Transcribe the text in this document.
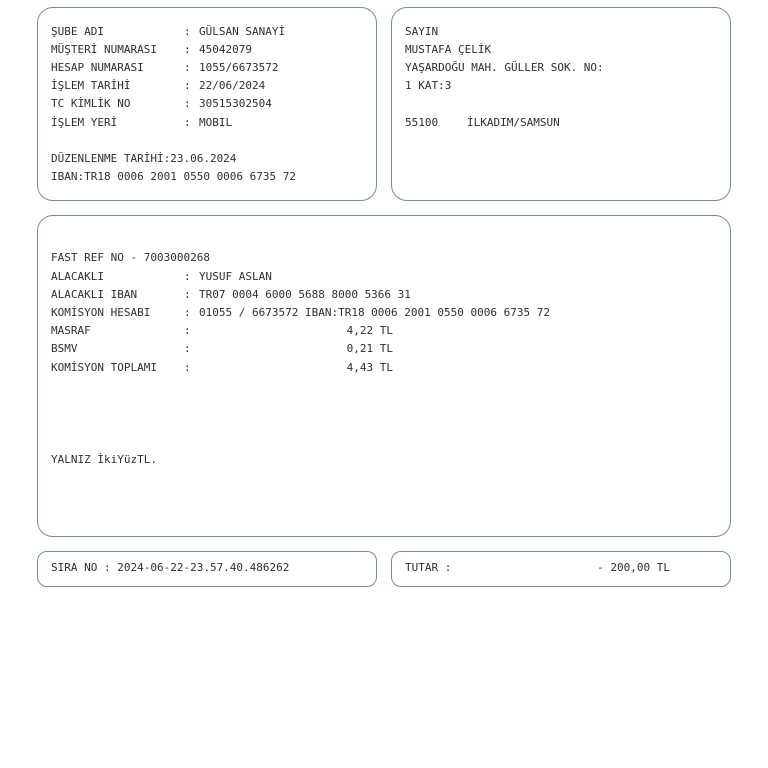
ŞUBE ADI	: GÜLSAN SANAYİ
MÜŞTERİ NUMARASI : 45042079
HESAP NUMARASI	: 1055/6673572
İŞLEM TARİHİ	: 22/06/2024
TC KİMLİK NO	: 30515302504
İŞLEM YERİ	: MOBIL
DÜZENLENME TARİHİ:23.06.2024
IBAN:TR18 0006 2001 0550 0006 6735 72
SAYIN
MUSTAFA ÇELİK
YAŞARDOĞU MAH. GÜLLER SOK. NO:
1 KAT:3
55100	İLKADIM/SAMSUN
FAST REF NO - 7003000268
ALACAKLI	: YUSUF ASLAN
ALACAKLI IBAN	: TR07 0004 6000 5688 8000 5366 31
KOMİSYON HESABI	: 01055 / 6673572 IBAN:TR18 0006 2001 0550 0006 6735 72
MASRAF	:	4,22 TL
BSMV	:	0,21 TL
KOMİSYON TOPLAMI :	4,43 TL
YALNIZ İkiYüzTL.
SIRA NO : 2024-06-22-23.57.40.486262	TUTAR :	- 200,00 TL
